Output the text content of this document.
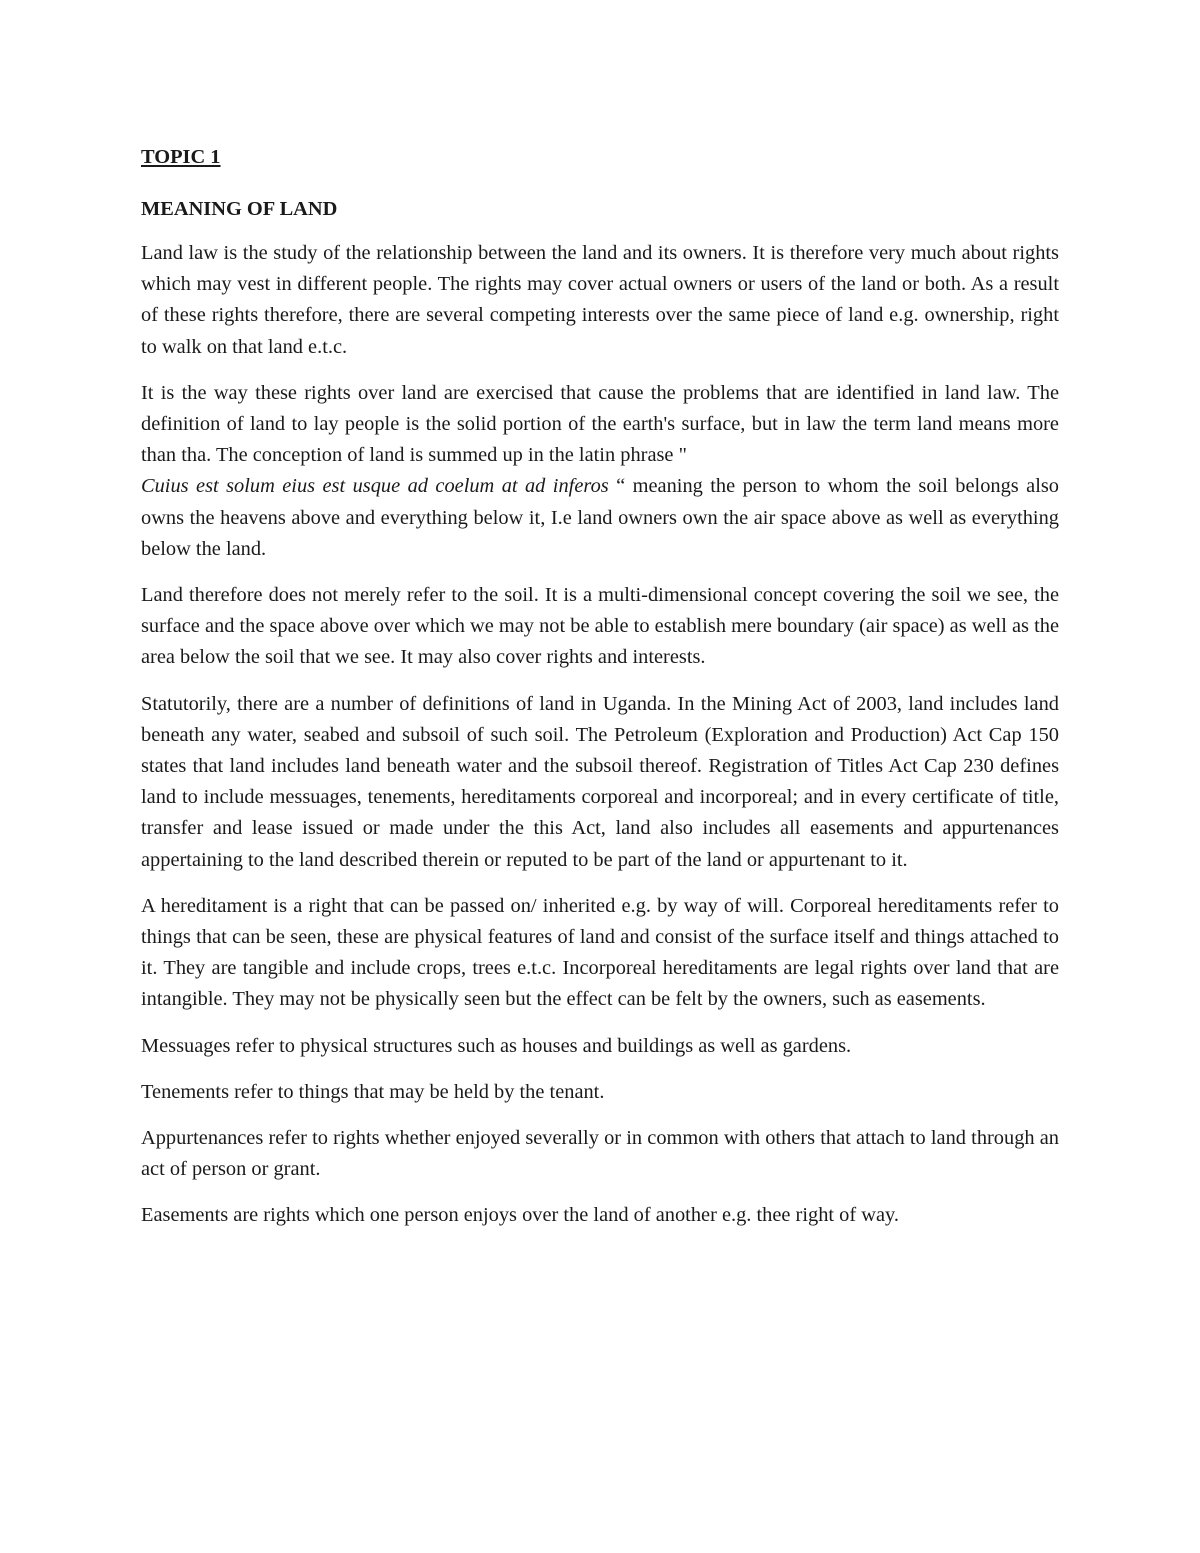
TOPIC 1
MEANING OF LAND

Land law is the study of the relationship between the land and its owners. It is therefore very much about rights which may vest in different people. The rights may cover actual owners or users of the land or both. As a result of these rights therefore, there are several competing interests over the same piece of land e.g. ownership, right to walk on that land e.t.c.

It is the way these rights over land are exercised that cause the problems that are identified in land law. The definition of land to lay people is the solid portion of the earth's surface, but in law the term land means more than tha. The conception of land is summed up in the latin phrase "
Cuius est solum eius est usque ad coelum at ad inferos “ meaning the person to whom the soil belongs also owns the heavens above and everything below it, I.e land owners own the air space above as well as everything below the land.

Land therefore does not merely refer to the soil. It is a multi-dimensional concept covering the soil we see, the surface and the space above over which we may not be able to establish mere boundary (air space) as well as the area below the soil that we see. It may also cover rights and interests.

Statutorily, there are a number of definitions of land in Uganda. In the Mining Act of 2003, land includes land beneath any water, seabed and subsoil of such soil. The Petroleum (Exploration and Production) Act Cap 150 states that land includes land beneath water and the subsoil thereof. Registration of Titles Act Cap 230 defines land to include messuages, tenements, hereditaments corporeal and incorporeal; and in every certificate of title, transfer and lease issued or made under the this Act, land also includes all easements and appurtenances appertaining to the land described therein or reputed to be part of the land or appurtenant to it.

A hereditament is a right that can be passed on/ inherited e.g. by way of will. Corporeal hereditaments refer to things that can be seen, these are physical features of land and consist of the surface itself and things attached to it. They are tangible and include crops, trees e.t.c. Incorporeal hereditaments are legal rights over land that are intangible. They may not be physically seen but the effect can be felt by the owners, such as easements.

Messuages refer to physical structures such as houses and buildings as well as gardens.

Tenements refer to things that may be held by the tenant.

Appurtenances refer to rights whether enjoyed severally or in common with others that attach to land through an act of person or grant.

Easements are rights which one person enjoys over the land of another e.g. thee right of way.
